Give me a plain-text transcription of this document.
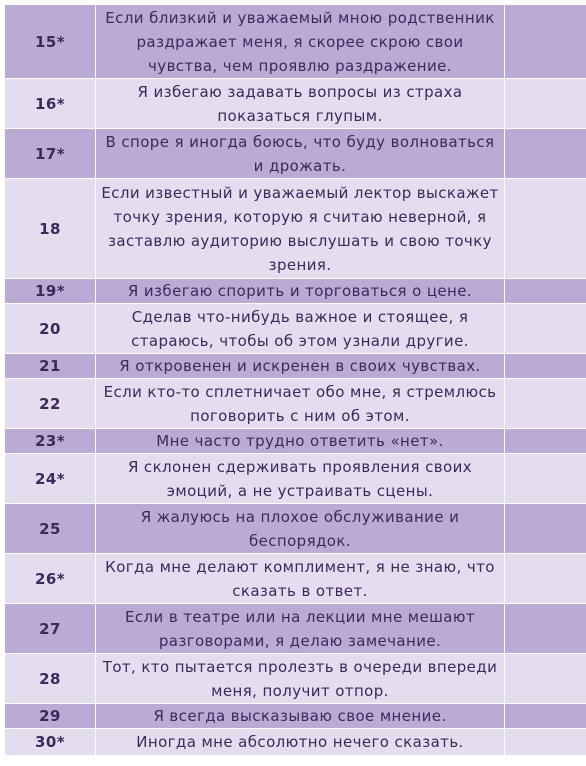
15*	Если близкий и уважаемый мною родственник раздражает меня, я скорее скрою свои чувства, чем проявлю раздражение.	
16*	Я избегаю задавать вопросы из страха показаться глупым.	
17*	В споре я иногда боюсь, что буду волноваться и дрожать.	
18	Если известный и уважаемый лектор выскажет точку зрения, которую я считаю неверной, я заставлю аудиторию выслушать и свою точку зрения.	
19*	Я избегаю спорить и торговаться о цене.	
20	Сделав что-нибудь важное и стоящее, я стараюсь, чтобы об этом узнали другие.	
21	Я откровенен и искренен в своих чувствах.	
22	Если кто-то сплетничает обо мне, я стремлюсь поговорить с ним об этом.	
23*	Мне часто трудно ответить «нет».	
24*	Я склонен сдерживать проявления своих эмоций, а не устраивать сцены.	
25	Я жалуюсь на плохое обслуживание и беспорядок.	
26*	Когда мне делают комплимент, я не знаю, что сказать в ответ.	
27	Если в театре или на лекции мне мешают разговорами, я делаю замечание.	
28	Тот, кто пытается пролезть в очереди впереди меня, получит отпор.	
29	Я всегда высказываю свое мнение.	
30*	Иногда мне абсолютно нечего сказать.	
